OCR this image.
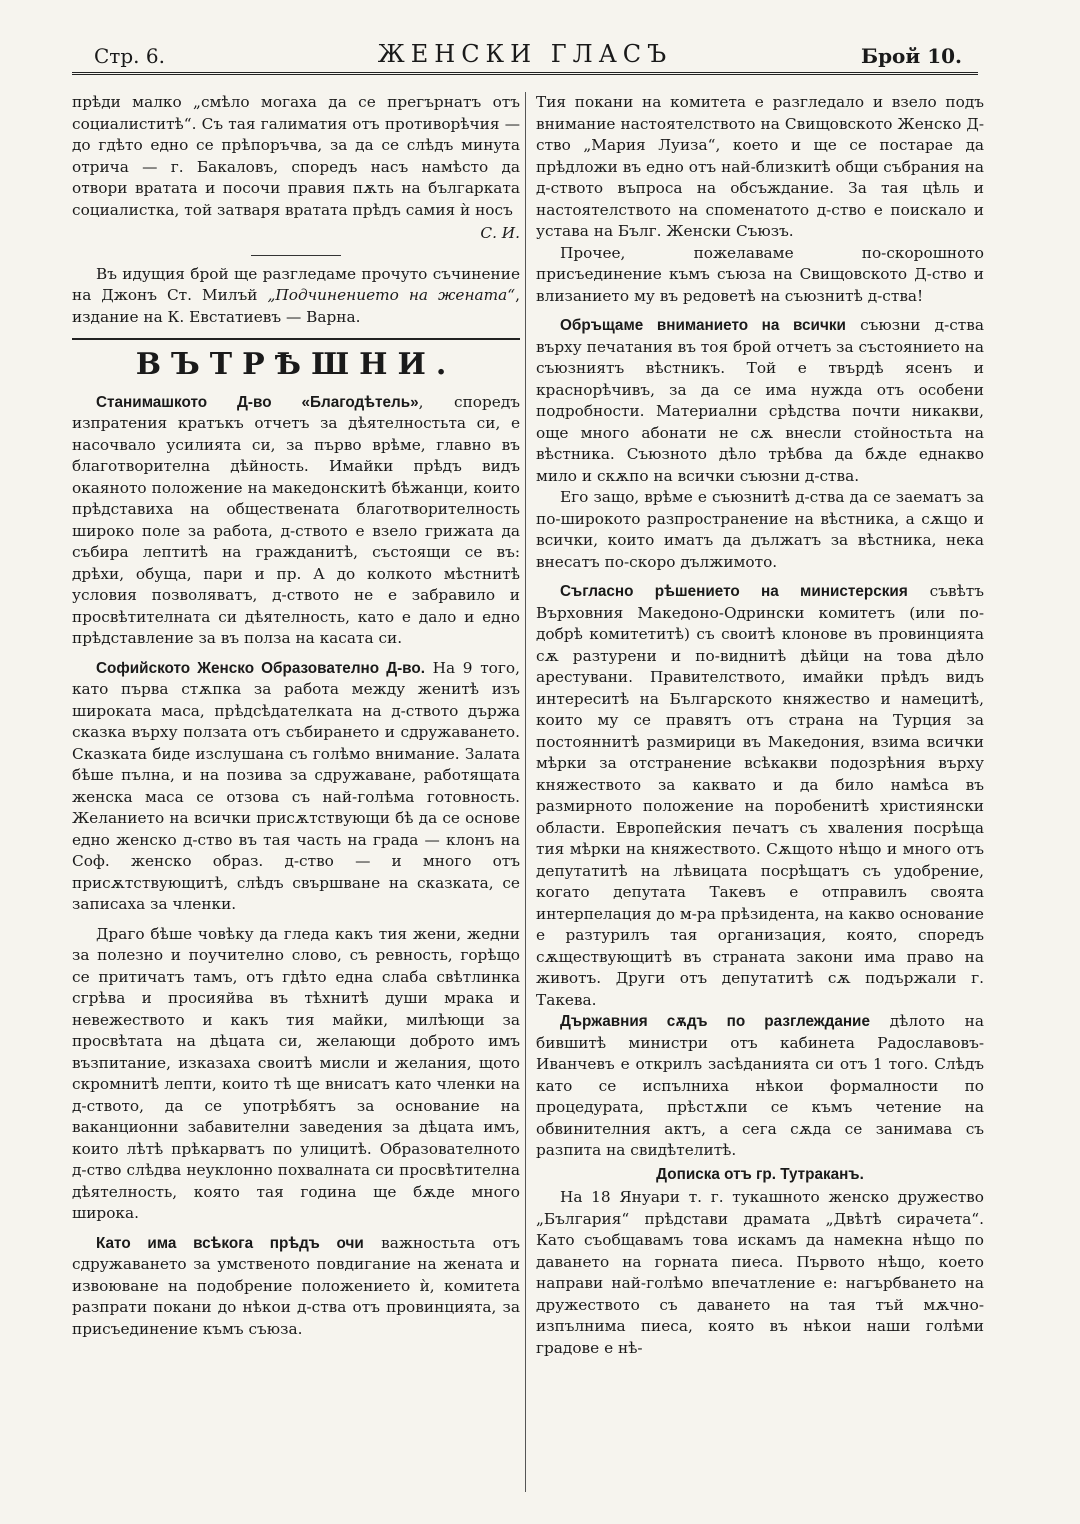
Стр. 6.	ЖЕНСКИ ГЛАСЪ	Брой 10.

прѣди малко „смѣло могаха да се прегърнатъ отъ социалиститѣ“. Съ тая галиматия отъ противорѣчия — до гдѣто едно се прѣпоръчва, за да се слѣдъ минута отрича — г. Бакаловъ, споредъ насъ намѣсто да отвори вратата и посочи правия пѫть на българката социалистка, той затваря вратата прѣдъ самия ѝ носъ

С. И.

Въ идущия брой ще разгледаме прочуто съчинение на Джонъ Ст. Милъй „Подчинението на жената“, издание на К. Евстатиевъ — Варна.

ВЪТРѢШНИ.

Станимашкото Д-во «Благодѣтель», споредъ изпратения кратъкъ отчетъ за дѣятелностьта си, е насочвало усилията си, за първо врѣме, главно въ благотворителна дѣйность. Имайки прѣдъ видъ окаяното положение на македонскитѣ бѣжанци, които прѣдставиха на обществената благотворителность широко поле за работа, д-ството е взело грижата да събира лептитѣ на гражданитѣ, състоящи се въ: дрѣхи, обуща, пари и пр. А до колкото мѣстнитѣ условия позволяватъ, д-ството не е забравило и просвѣтителната си дѣятелность, като е дало и едно прѣдставление за въ полза на касата си.

Софийското Женско Образователно Д-во. На 9 того, като първа стѫпка за работа между женитѣ изъ широката маса, прѣдсѣдателката на д-ството държа сказка върху ползата отъ събирането и сдружаването. Сказката биде изслушана съ голѣмо внимание. Залата бѣше пълна, и на позива за сдружаване, работящата женска маса се отзова съ най-голѣма готовность. Желанието на всички присѫтствующи бѣ да се основе едно женско д-ство въ тая часть на града — клонъ на Соф. женско образ. д-ство — и много отъ присѫтствующитѣ, слѣдъ свършване на сказката, се записаха за членки.

Драго бѣше човѣку да гледа какъ тия жени, жедни за полезно и поучително слово, съ ревность, горѣщо се притичатъ тамъ, отъ гдѣто една слаба свѣтлинка сгрѣва и просияйва въ тѣхнитѣ души мрака и невежеството и какъ тия майки, милѣющи за просвѣтата на дѣцата си, желающи доброто имъ възпитание, изказаха своитѣ мисли и желания, щото скромнитѣ лепти, които тѣ ще внисатъ като членки на д-ството, да се употрѣбятъ за основание на ваканционни забавителни заведения за дѣцата имъ, които лѣтѣ прѣкарватъ по улицитѣ. Образователното д-ство слѣдва неуклонно похвалната си просвѣтителна дѣятелность, която тая година ще бѫде много широка.

Като има всѣкога прѣдъ очи важностьта отъ сдружаването за умственото повдигание на жената и извоюване на подобрение положението ѝ, комитета разпрати покани до нѣкои д-ства отъ провинцията, за присъединение къмъ съюза.

Тия покани на комитета е разгледало и взело подъ внимание настоятелството на Свищовското Женско Д-ство „Мария Луиза“, което и ще се постарае да прѣдложи въ едно отъ най-близкитѣ общи събрания на д-ството въпроса на обсъждание. За тая цѣль и настоятелството на споменатото д-ство е поискало и устава на Бълг. Женски Съюзъ.

Прочее, пожелаваме по-скорошното присъединение къмъ съюза на Свищовското Д-ство и влизанието му въ редоветѣ на съюзнитѣ д-ства!

Обръщаме вниманието на всички съюзни д-ства върху печатания въ тоя брой отчетъ за състоянието на съюзниятъ вѣстникъ. Той е твърдѣ ясенъ и краснорѣчивъ, за да се има нужда отъ особени подробности. Материални срѣдства почти никакви, още много абонати не сѫ внесли стойностьта на вѣстника. Съюзното дѣло трѣбва да бѫде еднакво мило и скѫпо на всички съюзни д-ства.

Его защо, врѣме е съюзнитѣ д-ства да се заематъ за по-широкото разпространение на вѣстника, а сѫщо и всички, които иматъ да дължатъ за вѣстника, нека внесатъ по-скоро дължимото.

Съгласно рѣшението на министерския съвѣтъ Върховния Македоно-Одрински комитетъ (или по-добрѣ комитетитѣ) съ своитѣ клонове въ провинцията сѫ разтурени и по-виднитѣ дѣйци на това дѣло арестувани. Правителството, имайки прѣдъ видъ интереситѣ на Българското княжество и намецитѣ, които му се правятъ отъ страна на Турция за постояннитѣ размирици въ Македония, взима всички мѣрки за отстранение всѣкакви подозрѣния върху княжеството за каквато и да било намѣса въ размирното положение на поробенитѣ християнски области. Европейския печатъ съ хваления посрѣща тия мѣрки на княжеството. Сѫщото нѣщо и много отъ депутатитѣ на лѣвицата посрѣщатъ съ удобрение, когато депутата Такевъ е отправилъ своята интерпелация до м-ра прѣзидента, на какво основание е разтурилъ тая организация, която, споредъ сѫществующитѣ въ страната закони има право на животъ. Други отъ депутатитѣ сѫ подържали г. Такева.

Държавния сѫдъ по разглеждание дѣлото на бившитѣ министри отъ кабинета Радославовъ-Иванчевъ е открилъ засѣданията си отъ 1 того. Слѣдъ като се испълниха нѣкои формалности по процедурата, прѣстѫпи се къмъ четение на обвинителния актъ, а сега сѫда се занимава съ разпита на свидѣтелитѣ.

Дописка отъ гр. Тутраканъ.

На 18 Януари т. г. тукашното женско дружество „България“ прѣдстави драмата „Двѣтѣ сирачета“. Като съобщавамъ това искамъ да намекна нѣщо по даването на горната пиеса. Първото нѣщо, което направи най-голѣмо впечатление е: нагърбването на дружеството съ даването на тая тъй мѫчно-изпълнима пиеса, която въ нѣкои наши голѣми градове е нѣ-
